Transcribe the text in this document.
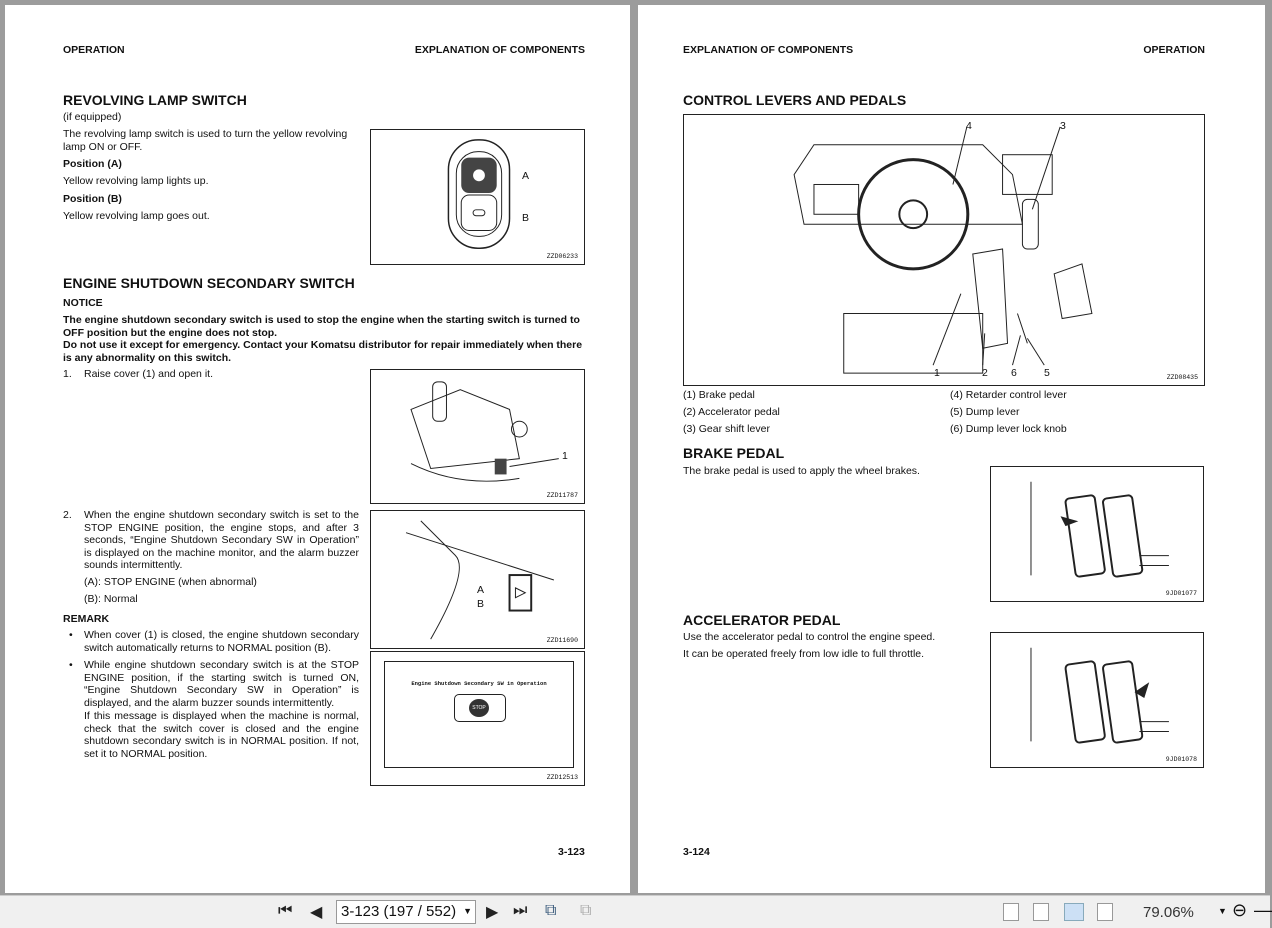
OPERATION	EXPLANATION OF COMPONENTS
REVOLVING LAMP SWITCH
(if equipped)
The revolving lamp switch is used to turn the yellow revolving lamp ON or OFF.
Position (A)
Yellow revolving lamp lights up.
Position (B)
Yellow revolving lamp goes out.
A
B
ZZD06233
ENGINE SHUTDOWN SECONDARY SWITCH
NOTICE
The engine shutdown secondary switch is used to stop the engine when the starting switch is turned to OFF position but the engine does not stop.
Do not use it except for emergency. Contact your Komatsu distributor for repair immediately when there is any abnormality on this switch.
1. Raise cover (1) and open it.
1
ZZD11787
2. When the engine shutdown secondary switch is set to the STOP ENGINE position, the engine stops, and after 3 seconds, “Engine Shutdown Secondary SW in Operation” is displayed on the machine monitor, and the alarm buzzer sounds intermittently.
(A): STOP ENGINE (when abnormal)
(B): Normal
A
B
ZZD11690
REMARK
• When cover (1) is closed, the engine shutdown secondary switch automatically returns to NORMAL position (B).
• While engine shutdown secondary switch is at the STOP ENGINE position, if the starting switch is turned ON, “Engine Shutdown Secondary SW in Operation” is displayed, and the alarm buzzer sounds intermittently.
If this message is displayed when the machine is normal, check that the switch cover is closed and the engine shutdown secondary switch is in NORMAL position. If not, set it to NORMAL position.
Engine Shutdown Secondary SW in Operation
STOP
ZZD12513
3-123
EXPLANATION OF COMPONENTS	OPERATION
CONTROL LEVERS AND PEDALS
1	2
3
4
5
6	ZZD08435
(1) Brake pedal
(2) Accelerator pedal
(3) Gear shift lever
(4) Retarder control lever
(5) Dump lever
(6) Dump lever lock knob
BRAKE PEDAL
The brake pedal is used to apply the wheel brakes.
9JD01077
ACCELERATOR PEDAL
Use the accelerator pedal to control the engine speed.
It can be operated freely from low idle to full throttle.
9JD01078
3-124
⏮ ◀	3-123 (197 / 552) ▼ ▶ ⏭ ⧉ ⧉	79.06%	▼ ⊖ —
